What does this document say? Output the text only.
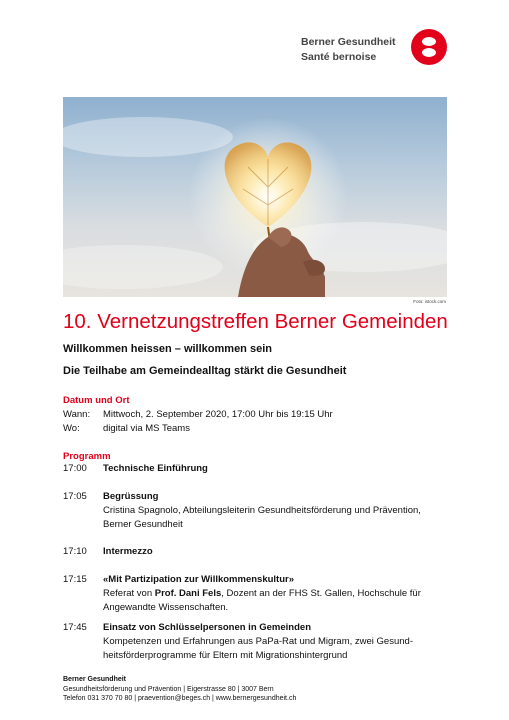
Berner Gesundheit
Santé bernoise
Foto: istock.com
10. Vernetzungstreffen Berner Gemeinden
Willkommen heissen – willkommen sein
Die Teilhabe am Gemeindealltag stärkt die Gesundheit
Datum und Ort
Wann: Mittwoch, 2. September 2020, 17:00 Uhr bis 19:15 Uhr
Wo: digital via MS Teams
Programm
17:00 Technische Einführung
17:05 Begrüssung
Cristina Spagnolo, Abteilungsleiterin Gesundheitsförderung und Prävention,
Berner Gesundheit
17:10 Intermezzo
17:15 «Mit Partizipation zur Willkommenskultur»
Referat von Prof. Dani Fels, Dozent an der FHS St. Gallen, Hochschule für
Angewandte Wissenschaften.
17:45 Einsatz von Schlüsselpersonen in Gemeinden
Kompetenzen und Erfahrungen aus PaPa-Rat und Migram, zwei Gesund-
heitsförderprogramme für Eltern mit Migrationshintergrund
Berner Gesundheit
Gesundheitsförderung und Prävention | Eigerstrasse 80 | 3007 Bern
Telefon 031 370 70 80 | praevention@beges.ch | www.bernergesundheit.ch
